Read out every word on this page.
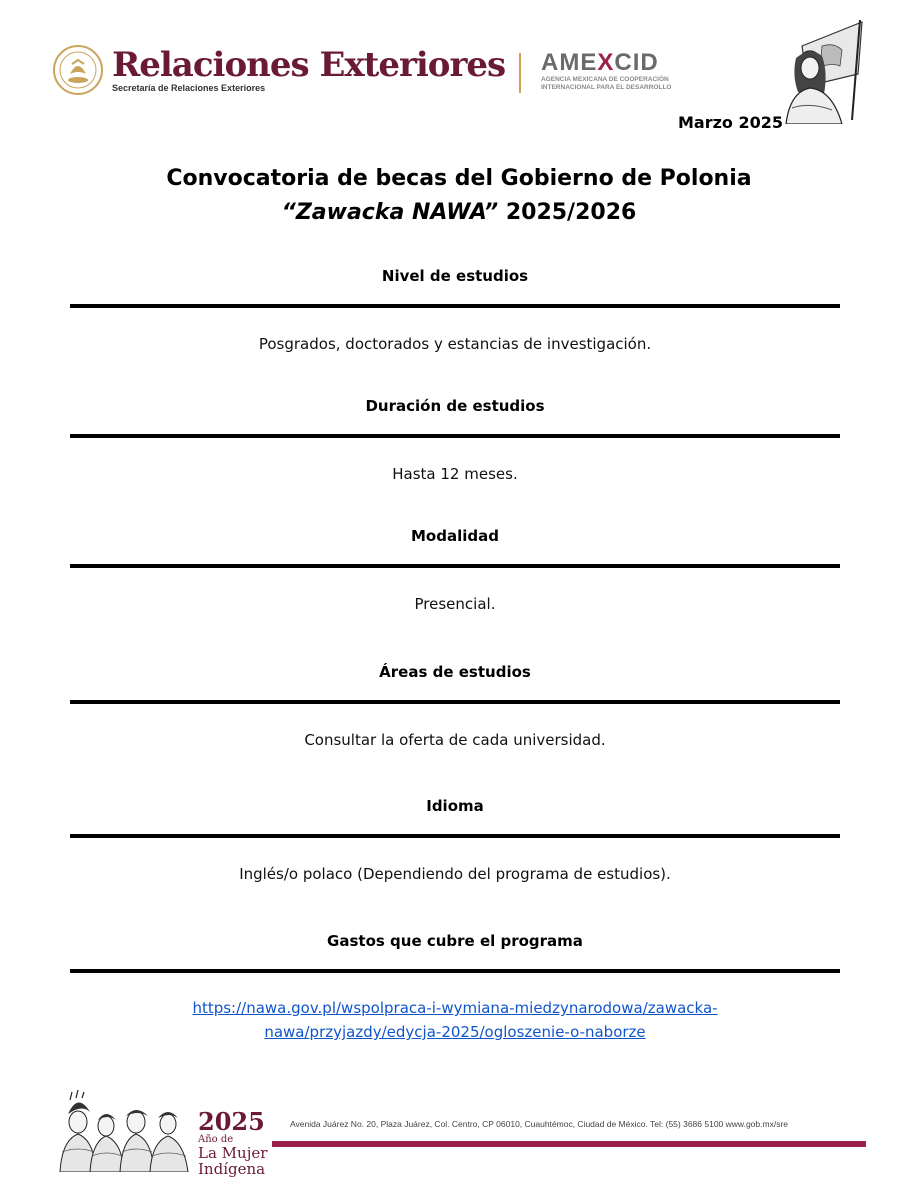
Relaciones Exteriores
Secretaría de Relaciones Exteriores
AMEXCID
AGENCIA MEXICANA DE COOPERACIÓN
INTERNACIONAL PARA EL DESARROLLO
Marzo 2025
Convocatoria de becas del Gobierno de Polonia
“Zawacka NAWA” 2025/2026
Nivel de estudios
Posgrados, doctorados y estancias de investigación.
Duración de estudios
Hasta 12 meses.
Modalidad
Presencial.
Áreas de estudios
Consultar la oferta de cada universidad.
Idioma
Inglés/o polaco (Dependiendo del programa de estudios).
Gastos que cubre el programa
https://nawa.gov.pl/wspolpraca-i-wymiana-miedzynarodowa/zawacka-
nawa/przyjazdy/edycja-2025/ogloszenie-o-naborze
2025
Año de
La Mujer
Indígena
Avenida Juárez No. 20, Plaza Juárez, Col. Centro, CP 06010, Cuauhtémoc, Ciudad de México. Tel: (55) 3686 5100 www.gob.mx/sre
